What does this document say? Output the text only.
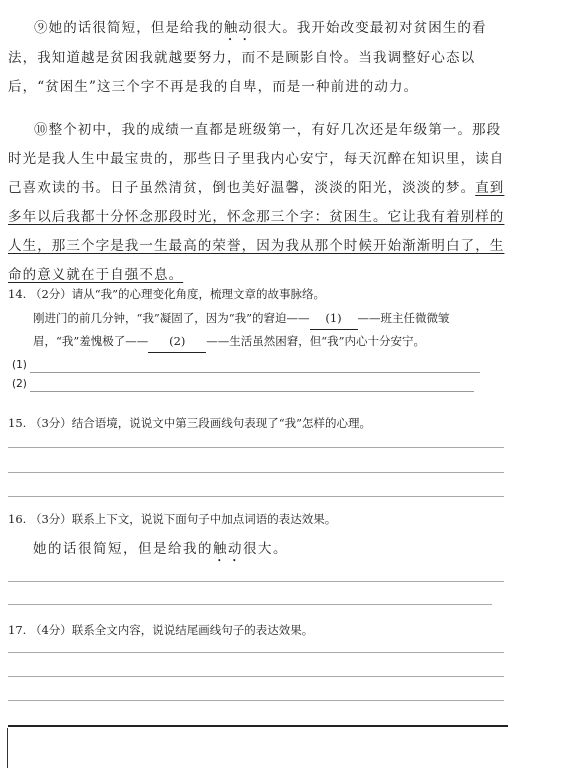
⑨她的话很简短，但是给我的触动很大。我开始改变最初对贫困生的看法，我知道越是贫困我就越要努力，而不是顾影自怜。当我调整好心态以后，“贫困生”这三个字不再是我的自卑，而是一种前进的动力。

⑩整个初中，我的成绩一直都是班级第一，有好几次还是年级第一。那段时光是我人生中最宝贵的，那些日子里我内心安宁，每天沉醉在知识里，读自己喜欢读的书。日子虽然清贫，倒也美好温馨，淡淡的阳光，淡淡的梦。直到多年以后我都十分怀念那段时光，怀念那三个字：贫困生。它让我有着别样的人生，那三个字是我一生最高的荣誉，因为我从那个时候开始渐渐明白了，生命的意义就在于自强不息。

14. （2分）请从“我”的心理变化角度，梳理文章的故事脉络。

刚进门的前几分钟，“我”凝固了，因为“我”的窘迫—— (1) ——班主任微微皱眉，“我”羞愧极了—— (2) ——生活虽然困窘，但“我”内心十分安宁。

(1)
(2)

15. （3分）结合语境，说说文中第三段画线句表现了“我”怎样的心理。

16. （3分）联系上下文，说说下面句子中加点词语的表达效果。

她的话很简短，但是给我的触动很大。

17. （4分）联系全文内容，说说结尾画线句子的表达效果。
